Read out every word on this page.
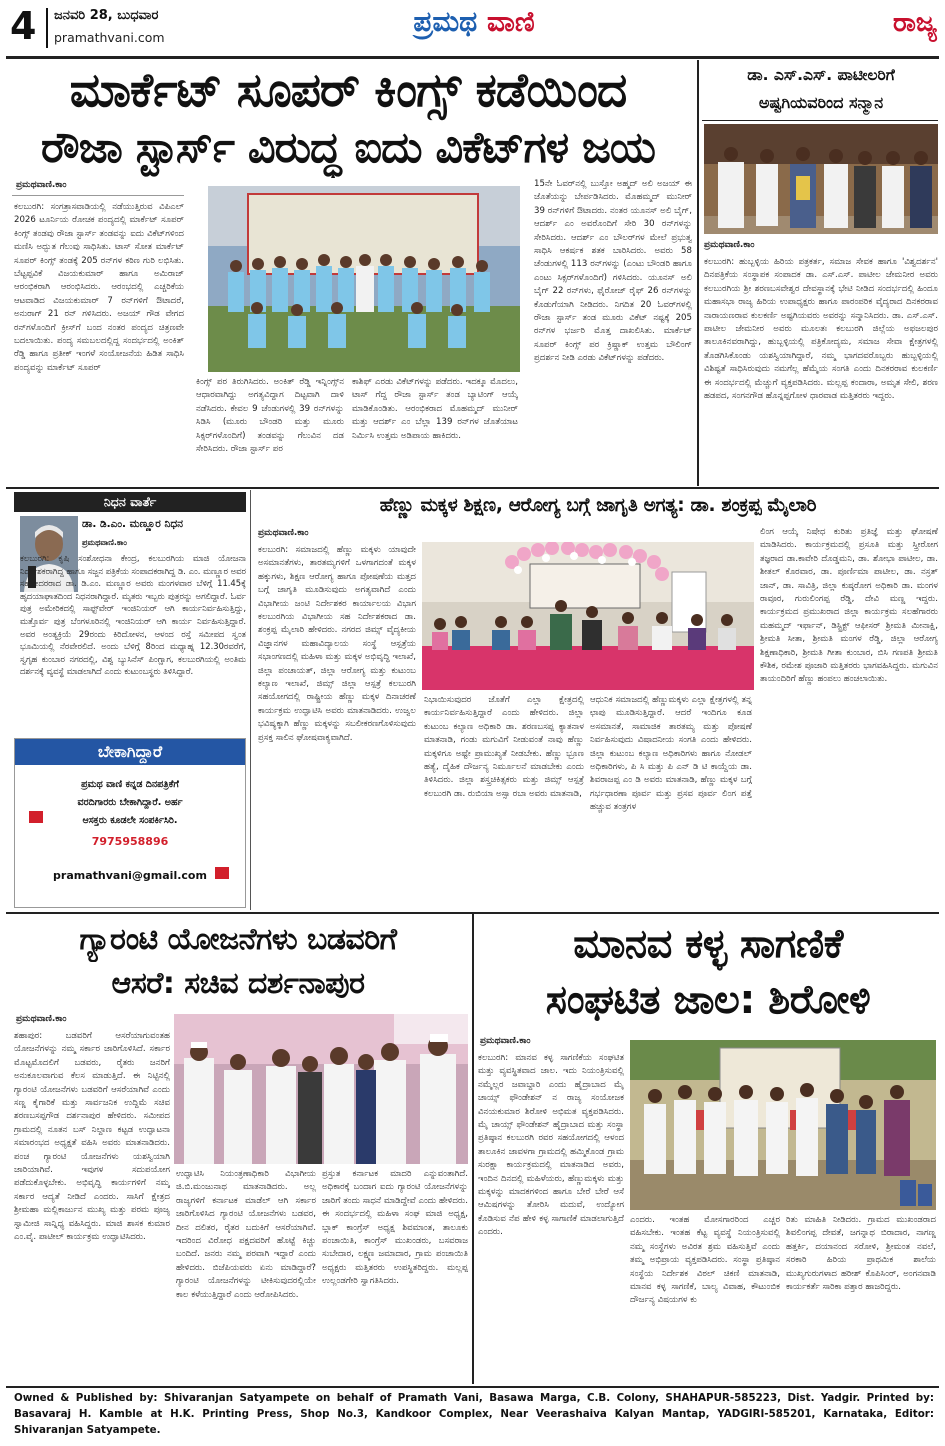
4 ಜನವರಿ 28, ಬುಧವಾರ
pramathvani.com	ಪ್ರಮಥ ವಾಣಿ	ರಾಜ್ಯ
ಮಾರ್ಕೆಟ್ ಸೂಪರ್ ಕಿಂಗ್ಸ್ ಕಡೆಯಿಂದ
ರೌಜಾ ಸ್ಟಾರ್ಸ್ ವಿರುದ್ಧ ಐದು ವಿಕೆಟ್‌ಗಳ ಜಯ
ಪ್ರಮಥವಾಣಿ.ಕಾಂ
ಕಲಬುರಗಿ: ಸಂಗತ್ರಾಸವಾಡಿಯಲ್ಲಿ ನಡೆಯುತ್ತಿರುವ ವಿಪಿಎಲ್ 2026 ಟೂರ್ನಿಯ ರೋಚಕ ಪಂದ್ಯದಲ್ಲಿ ಮಾರ್ಕೆಟ್ ಸೂಪರ್ ಕಿಂಗ್ಸ್ ತಂಡವು ರೌಜಾ ಸ್ಟಾರ್ಸ್ ತಂಡವನ್ನು ಐದು ವಿಕೆಟ್‌ಗಳಿಂದ ಮಣಿಸಿ ಅದ್ಭುತ ಗೆಲುವು ಸಾಧಿಸಿತು. ಟಾಸ್ ಸೋತ ಮಾರ್ಕೆಟ್ ಸೂಪರ್ ಕಿಂಗ್ಸ್ ತಂಡಕ್ಕೆ 205 ರನ್‌ಗಳ ಕಠಿಣ ಗುರಿ ಲಭಿಸಿತು. ಬೆಟ್ಟಪ್ಪವಿಕೆ ವಿಜಯಕುಮಾರ್ ಹಾಗೂ ಅಮಿರಾಜ್ ಆರಂಭಿಕರಾಗಿ ಆರಂಭಿಸಿದರು. ಆರಂಭದಲ್ಲಿ ಎಚ್ಚರಿಕೆಯ ಆಟವಾಡಿದ ವಿಜಯಕುಮಾರ್ 7 ರನ್‌ಗಳಿಗೆ ಔಟಾದರೆ, ಅನುರಾಗ್ 21 ರನ್ ಗಳಿಸಿದರು. ಅಜಯ್ ಗೌಡ ವೇಗದ ರನ್‌ಗಳೊಂದಿಗೆ ಕ್ರೀಸ್‌ಗೆ ಬಂದ ನಂತರ ಪಂದ್ಯದ ಚಿತ್ರಣವೇ ಬದಲಾಯಿತು. ಪಂದ್ಯ ಸಮಬಲದಲ್ಲಿದ್ದ ಸಂದರ್ಭದಲ್ಲಿ ಅಂಕಿತ್ ರೆಡ್ಡಿ ಹಾಗೂ ಪ್ರತೀಕ್ ಇಂಗಳೆ ಸಂಯೋಜನೆಯ ಹಿಡಿತ ಸಾಧಿಸಿ ಪಂದ್ಯವನ್ನು ಮಾರ್ಕೆಟ್ ಸೂಪರ್
ಕಿಂಗ್ಸ್ ಪರ ತಿರುಗಿಸಿದರು. ಅಂಕಿತ್ ರೆಡ್ಡಿ ಇನ್ನಿಂಗ್ಸ್‌ನ ಆಧಾರವಾಗಿದ್ದು ಅಗತ್ಯವಿದ್ದಾಗ ದಿಟ್ಟವಾಗಿ ದಾಳಿ ನಡೆಸಿದರು. ಕೇವಲ 9 ಚೆಂಡುಗಳಲ್ಲಿ 39 ರನ್‌ಗಳನ್ನು ಸಿಡಿಸಿ (ಮೂರು ಬೌಂಡರಿ ಮತ್ತು ಮೂರು ಸಿಕ್ಸರ್‌ಗಳೊಂದಿಗೆ) ತಂಡವನ್ನು ಗೆಲುವಿನ ದಡ ಸೇರಿಸಿದರು. ರೌಜಾ ಸ್ಟಾರ್ಸ್ ಪರ
ಕಾಶಿಫ್ ಎರಡು ವಿಕೆಟ್‌ಗಳನ್ನು ಪಡೆದರು. ಇದಕ್ಕೂ ಮೊದಲು, ಟಾಸ್ ಗೆದ್ದ ರೌಜಾ ಸ್ಟಾರ್ಸ್ ತಂಡ ಬ್ಯಾಟಿಂಗ್ ಆಯ್ಕೆ ಮಾಡಿಕೊಂಡಿತು. ಆರಂಭಿಕರಾದ ಮೊಹಮ್ಮದ್ ಮುನೀರ್ ಮತ್ತು ಆದರ್ಶ್ ಎಂ ಬೆಲ್ಲಾ 139 ರನ್‌ಗಳ ಜೊತೆಯಾಟ ನಿರ್ಮಿಸಿ ಉತ್ತಮ ಅಡಿಪಾಯ ಹಾಕಿದರು.
15ನೇ ಓವರ್‌ನಲ್ಲಿ ಬುಸ್ತೋ ಅಹ್ಮದ್ ಅಲಿ ಅಜಯ್ ಈ ಜೊತೆಯನ್ನು ಬೇರ್ಪಡಿಸಿದರು. ಮೊಹಮ್ಮದ್ ಮುನೀರ್ 39 ರನ್‌ಗಳಿಗೆ ಔಟಾದರು. ನಂತರ ಯೂನಸ್ ಅಲಿ ಬೈಗ್, ಆದರ್ಶ್ ಎಂ ಅವರೊಂದಿಗೆ ಸೇರಿ 30 ರನ್‌ಗಳನ್ನು ಸೇರಿಸಿದರು. ಆದರ್ಶ್ ಎಂ ಬೌಲರ್‌ಗಳ ಮೇಲೆ ಪ್ರಭುತ್ವ ಸಾಧಿಸಿ ಆಕರ್ಷಕ ಶತಕ ಬಾರಿಸಿದರು. ಅವರು 58 ಚೆಂಡುಗಳಲ್ಲಿ 113 ರನ್‌ಗಳನ್ನು (ಎಂಟು ಬೌಂಡರಿ ಹಾಗೂ ಎಂಟು ಸಿಕ್ಸರ್‌ಗಳೊಂದಿಗೆ) ಗಳಿಸಿದರು. ಯೂನಸ್ ಅಲಿ ಬೈಗ್ 22 ರನ್‌ಗಳು, ಫೈರೋಜ್ ರೈಫ್ 26 ರನ್‌ಗಳನ್ನು ಕೊಡುಗೆಯಾಗಿ ನೀಡಿದರು. ನಿಗದಿತ 20 ಓವರ್‌ಗಳಲ್ಲಿ ರೌಜಾ ಸ್ಟಾರ್ಸ್ ತಂಡ ಮೂರು ವಿಕೆಟ್ ನಷ್ಟಕ್ಕೆ 205 ರನ್‌ಗಳ ಭರ್ಜರಿ ಮೊತ್ತ ದಾಖಲಿಸಿತು. ಮಾರ್ಕೆಟ್ ಸೂಪರ್ ಕಿಂಗ್ಸ್ ಪರ ಕ್ರಿಷ್ಣಾಕ್ ಉತ್ತಮ ಬೌಲಿಂಗ್ ಪ್ರದರ್ಶನ ನೀಡಿ ಎರಡು ವಿಕೆಟ್‌ಗಳನ್ನು ಪಡೆದರು.
ಡಾ. ಎಸ್.ಎಸ್. ಪಾಟೀಲರಿಗೆ
ಅಷ್ಟಗಿಯವರಿಂದ ಸನ್ಮಾನ
ಪ್ರಮಥವಾಣಿ.ಕಾಂ
ಕಲಬುರಗಿ: ಹುಬ್ಬಳ್ಳಿಯ ಹಿರಿಯ ಪತ್ರಕರ್ತ, ಸಮಾಜ ಸೇವಕ ಹಾಗೂ 'ವಿಶ್ವದರ್ಶನ' ದಿನಪತ್ರಿಕೆಯ ಸಂಸ್ಥಾಪಕ ಸಂಪಾದಕ ಡಾ. ಎಸ್.ಎಸ್. ಪಾಟೀಲ ಜೇಮನೀರ ಅವರು ಕಲಬುರಗಿಯ ಶ್ರೀ ಶರಣಬಸವೇಶ್ವರ ದೇವಸ್ಥಾನಕ್ಕೆ ಭೇಟಿ ನೀಡಿದ ಸಂದರ್ಭದಲ್ಲಿ ಹಿಂದೂ ಮಹಾಸಭಾ ರಾಜ್ಯ ಹಿರಿಯ ಉಪಾಧ್ಯಕ್ಷರು ಹಾಗೂ ಪಾರಂಪರಿಕ ವೈದ್ಯರಾದ ದಿನಕರರಾವ ನಾರಾಯಣರಾವ ಕುಲಕರ್ಣಿ ಅಷ್ಟಗಿಯವರು ಅವರನ್ನು ಸನ್ಮಾನಿಸಿದರು. ಡಾ. ಎಸ್.ಎಸ್. ಪಾಟೀಲ ಜೇಮನೀರ ಅವರು ಮೂಲತಃ ಕಲಬುರಗಿ ಜಿಲ್ಲೆಯ ಅಫಜಲಪುರ ತಾಲೂಕಿನವರಾಗಿದ್ದು, ಹುಬ್ಬಳ್ಳಿಯಲ್ಲಿ ಪತ್ರಿಕೋದ್ಯಮ, ಸಮಾಜ ಸೇವಾ ಕ್ಷೇತ್ರಗಳಲ್ಲಿ ತೊಡಗಿಸಿಕೊಂಡು ಯಶಸ್ವಿಯಾಗಿದ್ದಾರೆ, ನಮ್ಮ ಭಾಗದವರೊಬ್ಬರು ಹುಬ್ಬಳ್ಳಿಯಲ್ಲಿ ವಿಶಿಷ್ಟತೆ ಸಾಧಿಸಿರುವುದು ನಮಗೆಲ್ಲ ಹೆಮ್ಮೆಯ ಸಂಗತಿ ಎಂದು ದಿನಕರರಾವ ಕುಲಕರ್ಣಿ ಈ ಸಂದರ್ಭದಲ್ಲಿ ಮೆಚ್ಚುಗೆ ವ್ಯಕ್ತಪಡಿಸಿದರು. ಮಲ್ಲಪ್ಪ ಕಂದಾರಾ, ಅಮೃತ ಸೇಲಿ, ಶರಣ ಹಡಪದ, ಸಂಗನಗೌಡ ಹೊನ್ನಪ್ಪಗೋಳ ಧಾರವಾಡ ಮತ್ತಿತರರು ಇದ್ದರು.
ನಿಧನ ವಾರ್ತೆ
ಡಾ. ಡಿ.ಎಂ. ಮಣ್ಣೂರ ನಿಧನ
ಪ್ರಮಥವಾಣಿ.ಕಾಂ
ಕಲಬುರಗಿ: ಕೃಷಿ ಸಂಶೋಧನಾ ಕೇಂದ್ರ, ಕಲಬುರಗಿಯ ಮಾಜಿ ಯೋಜನಾ ನಿರ್ದೇಶಕರಾಗಿದ್ದ ಹಾಗೂ ಸಜ್ಜನ ಪತ್ರಿಕೆಯ ಸಂಪಾದಕರಾಗಿದ್ದ ಡಿ. ಎಂ. ಮಣ್ಣೂರ ಅವರ ಸಹೋದರರಾದ ಡಾ. ಡಿ.ಎಂ. ಮಣ್ಣೂರ ಅವರು ಮಂಗಳವಾರ ಬೆಳಿಗ್ಗೆ 11.45ಕ್ಕೆ ಹೃದಯಾಘಾತದಿಂದ ನಿಧನರಾಗಿದ್ದಾರೆ. ಮೃತರು ಇಬ್ಬರು ಪುತ್ರರನ್ನು ಅಗಲಿದ್ದಾರೆ. ಓರ್ವ ಪುತ್ರ ಅಮೇರಿಕದಲ್ಲಿ ಸಾಫ್ಟ್‌ವೇರ್ ಇಂಜಿನಿಯರ್ ಆಗಿ ಕಾರ್ಯನಿರ್ವಹಿಸುತ್ತಿದ್ದು, ಮತ್ತೊರ್ವ ಪುತ್ರ ಬೆಂಗಳೂರಿನಲ್ಲಿ ಇಂಜಿನಿಯರ್ ಆಗಿ ಕಾರ್ಯ ನಿರ್ವಹಿಸುತ್ತಿದ್ದಾರೆ. ಅವರ ಅಂತ್ಯಕ್ರಿಯೆ 29ರಂದು ಕಿರಿದೋಳನ, ಆಳಂದ ರಸ್ತೆ ಸಮೀಪದ ಸ್ವಂತ ಭೂಮಿಯಲ್ಲಿ ನೆರವೇರಲಿದೆ. ಅಂದು ಬೆಳಿಗ್ಗೆ 8ರಿಂದ ಮಧ್ಯಾಹ್ನ 12.30ರವರೆಗೆ, ಸ್ವಗೃಹ ಕುಂಬಾರ ನಗರದಲ್ಲಿ, ವಿಶ್ವ ಬ್ಯುಸಿನೆಸ್ ಪಿಂಗ್ಷಾಗ, ಕಲಬುರಗಿಯಲ್ಲಿ ಅಂತಿಮ ದರ್ಶನಕ್ಕೆ ವ್ಯವಸ್ಥೆ ಮಾಡಲಾಗಿದೆ ಎಂದು ಕುಟುಂಬಸ್ಥರು ತಿಳಿಸಿದ್ದಾರೆ.
ಬೇಕಾಗಿದ್ದಾರೆ
ಪ್ರಮಥ ವಾಣಿ ಕನ್ನಡ ದಿನಪತ್ರಿಕೆಗೆ
ವರದಿಗಾರರು ಬೇಕಾಗಿದ್ದಾರೆ. ಅರ್ಹ
ಆಸಕ್ತರು ಕೂಡಲೇ ಸಂಪರ್ಕಿಸಿರಿ.
7975958896
pramathvani@gmail.com
ಹೆಣ್ಣು ಮಕ್ಕಳ ಶಿಕ್ಷಣ, ಆರೋಗ್ಯ ಬಗ್ಗೆ ಜಾಗೃತಿ ಅಗತ್ಯ: ಡಾ. ಶಂಕ್ರಪ್ಪ ಮೈಲಾರಿ
ಪ್ರಮಥವಾಣಿ.ಕಾಂ
ಕಲಬುರಗಿ: ಸಮಾಜದಲ್ಲಿ ಹೆಣ್ಣು ಮಕ್ಕಳು ಯಾವುದೇ ಅಸಮಾನತೆಗಳು, ತಾರತಮ್ಯಗಳಿಗೆ ಒಳಗಾಗದಂತೆ ಮಕ್ಕಳ ಹಕ್ಕುಗಳು, ಶಿಕ್ಷಣ ಆರೋಗ್ಯ ಹಾಗೂ ಪೋಷಣೆಯ ಮತ್ತದ ಬಗ್ಗೆ ಜಾಗೃತಿ ಮೂಡಿಸುವುದು ಅಗತ್ಯವಾಗಿದೆ ಎಂದು ವಿಭಾಗೀಯ ಜಂಟಿ ನಿರ್ದೇಶಕರ ಕಾರ್ಯಾಲಯ ವಿಭಾಗ ಕಲಬುರಗಿಯ ವಿಭಾಗೀಯ ಸಹ ನಿರ್ದೇಶಕರಾದ ಡಾ. ಶಂಕ್ರಪ್ಪ ಮೈಲಾರಿ ಹೇಳಿದರು. ನಗರದ ಜಿಮ್ಸ್ ವೈದ್ಯಕೀಯ ವಿಜ್ಞಾನಗಳ ಮಹಾವಿದ್ಯಾಲಯ ಸಂಸ್ಥೆ ಆಸ್ಪತ್ರೆಯ ಸಭಾಂಗಣದಲ್ಲಿ ಮಹಿಳಾ ಮತ್ತು ಮಕ್ಕಳ ಅಭಿವೃದ್ಧಿ ಇಲಾಖೆ, ಜಿಲ್ಲಾ ಪಂಚಾಯತ್, ಜಿಲ್ಲಾ ಆರೋಗ್ಯ ಮತ್ತು ಕುಟುಂಬ ಕಲ್ಯಾಣ ಇಲಾಖೆ, ಜಿಮ್ಸ್ ಜಿಲ್ಲಾ ಆಸ್ಪತ್ರೆ ಕಲಬುರಗಿ ಸಹಯೋಗದಲ್ಲಿ ರಾಷ್ಟ್ರೀಯ ಹೆಣ್ಣು ಮಕ್ಕಳ ದಿನಾಚರಣೆ ಕಾರ್ಯಕ್ರಮ ಉದ್ಘಾಟಿಸಿ ಅವರು ಮಾತನಾಡಿದರು. ಉಜ್ವಲ ಭವಿಷ್ಯಕ್ಕಾಗಿ ಹೆಣ್ಣು ಮಕ್ಕಳನ್ನು ಸಬಲೀಕರಣಗೊಳಿಸುವುದು ಪ್ರಸಕ್ತ ಸಾಲಿನ ಘೋಷವಾಕ್ಯವಾಗಿದೆ.
ನಿಭಾಯಿಸುವುದರ ಜೊತೆಗೆ ಎಲ್ಲಾ ಕ್ಷೇತ್ರದಲ್ಲಿ ಕಾರ್ಯನಿರ್ವಹಿಸುತ್ತಿದ್ದಾರೆ ಎಂದು ಹೇಳಿದರು. ಜಿಲ್ಲಾ ಕುಟುಂಬ ಕಲ್ಯಾಣ ಅಧಿಕಾರಿ ಡಾ. ಶರಣಬಸಪ್ಪ ಕ್ಯಾತನಾಳ ಮಾತನಾಡಿ, ಗಂಡು ಮಗುವಿಗೆ ನೀಡುವಂತೆ ನಾವು ಹೆಣ್ಣು ಮಕ್ಕಳಿಗೂ ಅಷ್ಟೇ ಪ್ರಾಮುಖ್ಯತೆ ನೀಡಬೇಕು. ಹೆಣ್ಣು ಭ್ರೂಣ ಹತ್ಯೆ, ದೈಹಿಕ ದೌರ್ಜನ್ಯ ನಿರ್ಮೂಲನೆ ಮಾಡಬೇಕು ಎಂದು ತಿಳಿಸಿದರು. ಜಿಲ್ಲಾ ಶಸ್ತ್ರಚಿಕಿತ್ಸಕರು ಮತ್ತು ಜಿಮ್ಸ್ ಆಸ್ಪತ್ರೆ ಕಲಬುರಗಿ ಡಾ. ರುಬಿಯಾ ಅಸ್ಸಾ ರಬಾ ಅವರು ಮಾತನಾಡಿ,
ಆಧುನಿಕ ಸಮಾಜದಲ್ಲಿ ಹೆಣ್ಣುಮಕ್ಕಳು ಎಲ್ಲಾ ಕ್ಷೇತ್ರಗಳಲ್ಲಿ ತನ್ನ ಛಾಪು ಮೂಡಿಸುತ್ತಿದ್ದಾರೆ. ಆದರೆ ಇಂದಿಗೂ ಕೂಡ ಅಸಮಾನತೆ, ಸಾಮಾಜಿಕ ತಾರತಮ್ಯ ಮತ್ತು ಪೋಷಣೆ ನಿರ್ವಹಿಸುವುದು ವಿಷಾದನೀಯ ಸಂಗತಿ ಎಂದು ಹೇಳಿದರು. ಜಿಲ್ಲಾ ಕುಟುಂಬ ಕಲ್ಯಾಣ ಅಧಿಕಾರಿಗಳು ಹಾಗೂ ನೋಡಲ್ ಅಧಿಕಾರಿಗಳು, ಪಿ ಸಿ ಮತ್ತು ಪಿ ಎನ್ ಡಿ ಟಿ ಕಾಯ್ದೆಯ ಡಾ. ಶಿವರಾಜಪ್ಪ ಎಂ ಡಿ ಅವರು ಮಾತನಾಡಿ, ಹೆಣ್ಣು ಮಕ್ಕಳ ಬಗ್ಗೆ ಗರ್ಭಧಾರಣಾ ಪೂರ್ವ ಮತ್ತು ಪ್ರಸವ ಪೂರ್ವ ಲಿಂಗ ಪತ್ತೆ ಹಚ್ಚುವ ತಂತ್ರಗಳ
ಲಿಂಗ ಆಯ್ಕೆ ನಿಷೇಧ ಕುರಿತು ಪ್ರತಿಜ್ಞೆ ಮತ್ತು ಘೋಷಣೆ ಮಾಡಿಸಿದರು. ಕಾರ್ಯಕ್ರಮದಲ್ಲಿ ಪ್ರಸೂತಿ ಮತ್ತು ಸ್ತ್ರೀರೋಗ ತಜ್ಞರಾದ ಡಾ.ಕಾವೇರಿ ದೊಡ್ಡಮನಿ, ಡಾ. ಶೋಭಾ ಪಾಟೀಲ, ಡಾ. ಶೀತಲ್ ಕೊರವಾರ, ಡಾ. ಪೂರ್ಣಿಮಾ ಪಾಟೀಲ, ಡಾ. ನಸ್ರತ್ ಜಾನ್, ಡಾ. ಸಾವಿತ್ರಿ, ಜಿಲ್ಲಾ ಕುಷ್ಠರೋಗ ಅಧಿಕಾರಿ ಡಾ. ಮಂಗಳ ರಾವೂರ, ಗುರುಲಿಂಗಪ್ಪ ರೆಡ್ಡಿ, ದೇವಿ ಮಣ್ಣ ಇದ್ದರು. ಕಾರ್ಯಕ್ರಮದ ಪ್ರಮುಖರಾದ ಜಿಲ್ಲಾ ಕಾರ್ಯಕ್ರಮ ಸಲಹೆಗಾರರು ಮಹಮ್ಮದ್ ಇರ್ಫಾನ್, ಡಿಸ್ಟ್ರಿಕ್ಟ್ ಆಫೀಸರ್ ಶ್ರೀಮತಿ ಮೀನಾಕ್ಷಿ, ಶ್ರೀಮತಿ ಸೀತಾ, ಶ್ರೀಮತಿ ಮಂಗಳ ರೆಡ್ಡಿ, ಜಿಲ್ಲಾ ಆರೋಗ್ಯ ಶಿಕ್ಷಣಾಧಿಕಾರಿ, ಶ್ರೀಮತಿ ಗೀತಾ ಕುಂಬಾರ, ಬಿಸಿ ಗಣಪತಿ ಶ್ರೀಮತಿ ಕೌಶಿಕ, ರಮೇಶ ಪೂಜಾರಿ ಮತ್ತಿತರರು ಭಾಗವಹಿಸಿದ್ದರು. ಮಗುವಿನ ತಾಯಂದಿರಿಗೆ ಹೆಣ್ಣು ಹಂಪಲು ಹಂಚಲಾಯಿತು.
ಗ್ಯಾರಂಟಿ ಯೋಜನೆಗಳು ಬಡವರಿಗೆ
ಆಸರೆ: ಸಚಿವ ದರ್ಶನಾಪುರ
ಪ್ರಮಥವಾಣಿ.ಕಾಂ
ಶಹಾಪುರ: ಬಡವರಿಗೆ ಆಸರೆಯಾಗುವಂತಹ ಯೋಜನೆಗಳನ್ನು ನಮ್ಮ ಸರ್ಕಾರ ಜಾರಿಗೊಳಿಸಿದೆ. ಸರ್ಕಾರ ಮೊಟ್ಟಮೊದಲಿಗೆ ಬಡವರು, ರೈತರು ಜನರಿಗೆ ಅನುಕೂಲವಾಗುವ ಕೆಲಸ ಮಾಡುತ್ತಿದೆ. ಈ ನಿಟ್ಟಿನಲ್ಲಿ ಗ್ಯಾರಂಟಿ ಯೋಜನೆಗಳು ಬಡವರಿಗೆ ಆಸರೆಯಾಗಿವೆ ಎಂದು ಸಣ್ಣ ಕೈಗಾರಿಕೆ ಮತ್ತು ಸಾರ್ವಜನಿಕ ಉದ್ದಿಮೆ ಸಚಿವ ಶರಣಬಸಪ್ಪಗೌಡ ದರ್ಶನಾಪುರ ಹೇಳಿದರು. ಸಮೀಪದ ಗ್ರಾಮದಲ್ಲಿ ನೂತನ ಬಸ್ ನಿಲ್ದಾಣ ಕಟ್ಟಡ ಉದ್ಘಾಟನಾ ಸಮಾರಂಭದ ಅಧ್ಯಕ್ಷತೆ ವಹಿಸಿ ಅವರು ಮಾತನಾಡಿದರು. ಪಂಚ ಗ್ಯಾರಂಟಿ ಯೋಜನೆಗಳು ಯಶಸ್ವಿಯಾಗಿ ಜಾರಿಯಾಗಿವೆ. ಇವುಗಳ ಸದುಪಯೋಗ ಪಡೆದುಕೊಳ್ಳಬೇಕು. ಅಭಿವೃದ್ಧಿ ಕಾರ್ಯಗಳಿಗೆ ನಮ್ಮ ಸರ್ಕಾರ ಆದ್ಯತೆ ನೀಡಿದೆ ಎಂದರು. ಸಾಸಿಗೆ ಕ್ಷೇತ್ರದ ಶ್ರೀಮಹಾ ಮಲ್ಲಿಕಾರ್ಜುನ ಮುಖ್ಯ ಮತ್ತು ಪರಮ ಪೂಜ್ಯ ಸ್ವಾಮೀಜಿ ಸಾನ್ನಿಧ್ಯ ವಹಿಸಿದ್ದರು. ಮಾಜಿ ಶಾಸಕ ಕುಮಾರ ಎಂ.ವೈ. ಪಾಟೀಲ್ ಕಾರ್ಯಕ್ರಮ ಉದ್ಘಾಟಿಸಿದರು.
ಉದ್ಘಾಟಿಸಿ ನಿಯಂತ್ರಣಾಧಿಕಾರಿ ವಿಭಾಗೀಯ ಜಿ.ಬಿ.ಮಂಜುನಾಥ ಮಾತನಾಡಿದರು. ಅಲ್ಲ ರಾಜ್ಯಗಳಿಗೆ ಕರ್ನಾಟಕ ಮಾಡೆಲ್ ಆಗಿ ಸರ್ಕಾರ ಜಾರಿಗೊಳಿಸಿದ ಗ್ಯಾರಂಟಿ ಯೋಜನೆಗಳು ಬಡವರ, ದೀನ ದಲಿತರ, ರೈತರ ಬದುಕಿಗೆ ಆಸರೆಯಾಗಿವೆ. ಇದರಿಂದ ವಿರೋಧ ಪಕ್ಷದವರಿಗೆ ಹೊಟ್ಟೆ ಕಿಚ್ಚು ಬಂದಿದೆ. ಜನರು ನಮ್ಮ ಪರವಾಗಿ ಇದ್ದಾರೆ ಎಂದು ಹೇಳಿದರು. ಬಿಜೆಪಿಯವರು ಏನು ಮಾಡಿದ್ದಾರೆ? ಗ್ಯಾರಂಟಿ ಯೋಜನೆಗಳನ್ನು ಟೀಕಿಸುವುದರಲ್ಲಿಯೇ ಕಾಲ ಕಳೆಯುತ್ತಿದ್ದಾರೆ ಎಂದು ಆರೋಪಿಸಿದರು.
ಪ್ರಸ್ತುತ ಕರ್ನಾಟಕ ಮಾದರಿ ಎನ್ನುವಂತಾಗಿದೆ. ಅಧಿಕಾರಕ್ಕೆ ಬಂದಾಗ ಐದು ಗ್ಯಾರಂಟಿ ಯೋಜನೆಗಳನ್ನು ಜಾರಿಗೆ ತಂದು ಸಾಧನೆ ಮಾಡಿದ್ದೇವೆ ಎಂದು ಹೇಳಿದರು. ಈ ಸಂದರ್ಭದಲ್ಲಿ ಮಹಿಳಾ ಸಂಘ ಮಾಜಿ ಅಧ್ಯಕ್ಷ, ಬ್ಲಾಕ್ ಕಾಂಗ್ರೆಸ್ ಅಧ್ಯಕ್ಷ ಶಿವಮಾಂತ, ತಾಲೂಕು ಪಂಚಾಯಿತಿ, ಕಾಂಗ್ರೆಸ್ ಮುಖಂಡರು, ಬಸವರಾಜ ಸುಬೇದಾರ, ಲಕ್ಷ್ಮಣ ಜಮಾದಾರ, ಗ್ರಾಮ ಪಂಚಾಯಿತಿ ಅಧ್ಯಕ್ಷರು ಮತ್ತಿತರರು ಉಪಸ್ಥಿತರಿದ್ದರು. ಮಲ್ಲಪ್ಪ ಉಲ್ಲಂಡಗೇರಿ ಸ್ವಾಗತಿಸಿದರು.
ಮಾನವ ಕಳ್ಳ ಸಾಗಣಿಕೆ
ಸಂಘಟಿತ ಜಾಲ: ಶಿರೋಳಿ
ಪ್ರಮಥವಾಣಿ.ಕಾಂ
ಕಲಬುರಗಿ: ಮಾನವ ಕಳ್ಳ ಸಾಗಣಿಕೆಯ ಸಂಘಟಿತ ಮತ್ತು ವ್ಯವಸ್ಥಿತವಾದ ಜಾಲ. ಇದು ನಿಯಂತ್ರಿಸುವಲ್ಲಿ ನಮ್ಮೆಲ್ಲರ ಜವಾಬ್ದಾರಿ ಎಂದು ಹೈದ್ರಾಬಾದ ಮೈ ಚಾಯ್ಸ್ ಫೌಂಡೇಶನ್ ನ ರಾಜ್ಯ ಸಂಯೋಜಕ ವಿನಯಕುಮಾರ ಶಿರೋಳಿ ಅಭಿಮತ ವ್ಯಕ್ತಪಡಿಸಿದರು. ಮೈ ಚಾಯ್ಸ್ ಫೌಂಡೇಶನ್ ಹೈದ್ರಾಬಾದ ಮತ್ತು ಸಂಸ್ಥಾ ಪ್ರತಿಷ್ಠಾನ ಕಲಬುರಗಿ ರವರ ಸಹಯೋಗದಲ್ಲಿ ಆಳಂದ ತಾಲೂಕಿನ ಜಾವಳಗಾ ಗ್ರಾಮದಲ್ಲಿ ಹಮ್ಮಿಕೊಂಡ ಗ್ರಾಮ ಸುರಕ್ಷಾ ಕಾರ್ಯಕ್ರಮದಲ್ಲಿ ಮಾತನಾಡಿದ ಅವರು, ಇಂದಿನ ದಿನದಲ್ಲಿ ಮಹಿಳೆಯರು, ಹೆಣ್ಣುಮಕ್ಕಳು ಮತ್ತು ಮಕ್ಕಳನ್ನು ಮಾದಕಗಳಿಂದ ಹಾಗೂ ಬೇರೆ ಬೇರೆ ಆಸೆ ಆಮಿಷಗಳನ್ನು ತೋರಿಸಿ ಮದುವೆ, ಉದ್ಯೋಗ ಕೊಡಿಸುವ ನೆಪ ಹೇಳಿ ಕಳ್ಳ ಸಾಗಾಣಿಕೆ ಮಾಡಲಾಗುತ್ತಿದೆ ಎಂದರು.
ಎಂದರು. ಇಂತಹ ಮೋಸಗಾರರಿಂದ ಎಚ್ಚರ ವಹಿಸಬೇಕು. ಇಂತಹ ಕೆಟ್ಟ ವ್ಯವಸ್ಥೆ ನಿಯಂತ್ರಿಸುವಲ್ಲಿ ನಮ್ಮ ಸಂಸ್ಥೆಗಳು ಅವಿರತ ಶ್ರಮ ವಹಿಸುತ್ತಿವೆ ಎಂದು ತಮ್ಮ ಅಭಿಪ್ರಾಯ ವ್ಯಕ್ತಪಡಿಸಿದರು. ಸಂಸ್ಥಾ ಪ್ರತಿಷ್ಠಾನ ಸಂಸ್ಥೆಯ ನಿರ್ದೇಶಕ ವಿಠಲ್ ಚಿಕಣಿ ಮಾತನಾಡಿ, ಮಾನವ ಕಳ್ಳ ಸಾಗಣಿಕೆ, ಬಾಲ್ಯ ವಿವಾಹ, ಕೌಟುಂಬಿಕ ದೌರ್ಜನ್ಯ ವಿಷಯಗಳ ಕು
ರಿತು ಮಾಹಿತಿ ನೀಡಿದರು. ಗ್ರಾಮದ ಮುಖಂಡರಾದ ಶಿವಲಿಂಗಪ್ಪ ದೇವತೆ, ಜಗನ್ನಾಥ ಬಿರಾದಾರ, ನಾಗಣ್ಣ ಹತ್ತರ್ಕಿ, ದಯಾನಂದ ಸರೋಳಿ, ಶ್ರೀಮಂತ ನವಲೆ, ಸರಕಾರಿ ಹಿರಿಯ ಪ್ರಾಥಮಿಕ ಶಾಲೆಯ ಮುಖ್ಯಗುರುಗಳಾದ ಹರೀಶ್ ಕೊಪಿಸಿಂರ್, ಅಂಗನವಾಡಿ ಕಾರ್ಯಕರ್ತೆ ಸಾರಿಕಾ ಪತ್ತಾರ ಹಾಜರಿದ್ದರು.
Owned & Published by: Shivaranjan Satyampete on behalf of Pramath Vani, Basawa Marga, C.B. Colony, SHAHAPUR-585223, Dist. Yadgir. Printed by: Basavaraj H. Kamble at H.K. Printing Press, Shop No.3, Kandkoor Complex, Near Veerashaiva Kalyan Mantap, YADGIRI-585201, Karnataka, Editor: Shivaranjan Satyampete.
